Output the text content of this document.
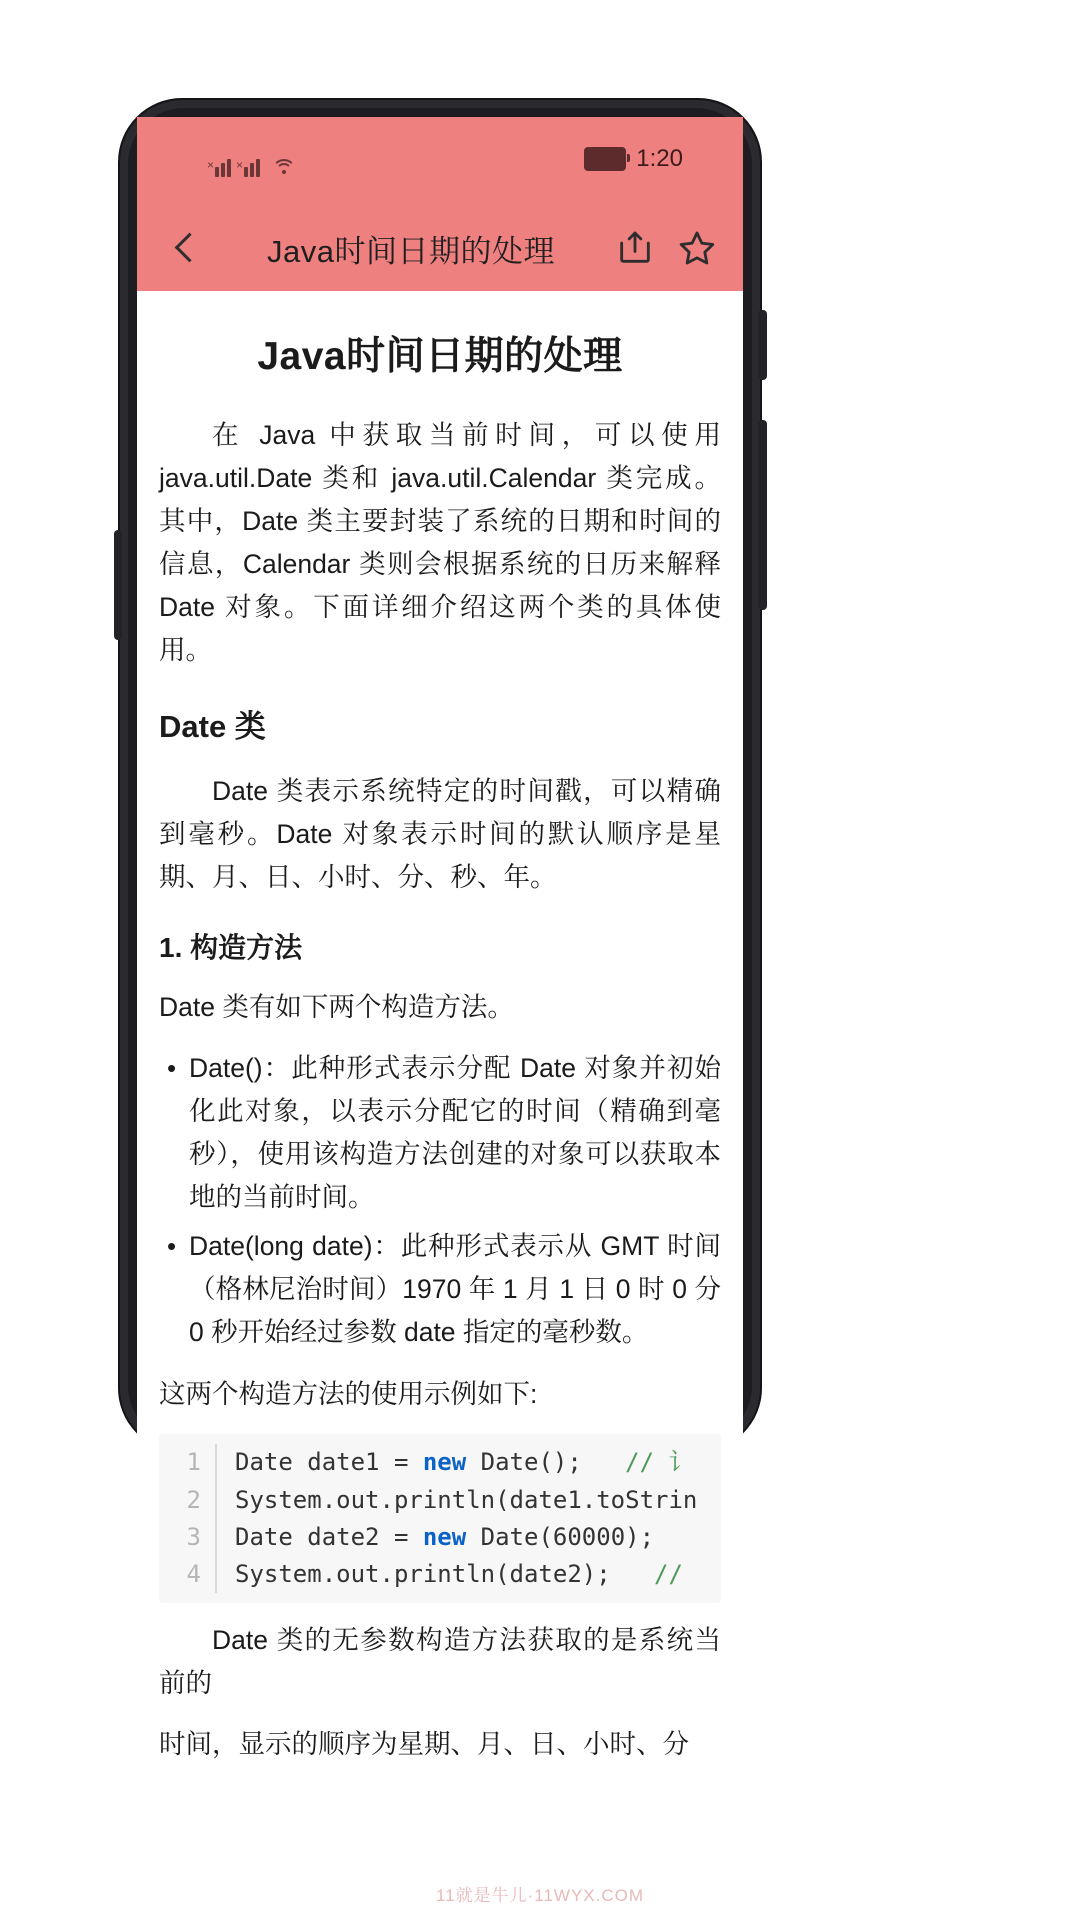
× ×	1:20
Java时间日期的处理
Java时间日期的处理

在 Java 中获取当前时间，可以使用 java.util.Date 类和 java.util.Calendar 类完成。其中，Date 类主要封装了系统的日期和时间的信息，Calendar 类则会根据系统的日历来解释 Date 对象。下面详细介绍这两个类的具体使用。

Date 类

Date 类表示系统特定的时间戳，可以精确到毫秒。Date 对象表示时间的默认顺序是星期、月、日、小时、分、秒、年。

1. 构造方法

Date 类有如下两个构造方法。

• Date()：此种形式表示分配 Date 对象并初始化此对象，以表示分配它的时间（精确到毫秒），使用该构造方法创建的对象可以获取本地的当前时间。
• Date(long date)：此种形式表示从 GMT 时间（格林尼治时间）1970 年 1 月 1 日 0 时 0 分 0 秒开始经过参数 date 指定的毫秒数。

这两个构造方法的使用示例如下:

1	Date date1 = new Date();   // 讠
2	System.out.println(date1.toStrin
3	Date date2 = new Date(60000);
4	System.out.println(date2);   //

Date 类的无参数构造方法获取的是系统当前的

时间，显示的顺序为星期、月、日、小时、分

11就是牛儿·11WYX.COM
